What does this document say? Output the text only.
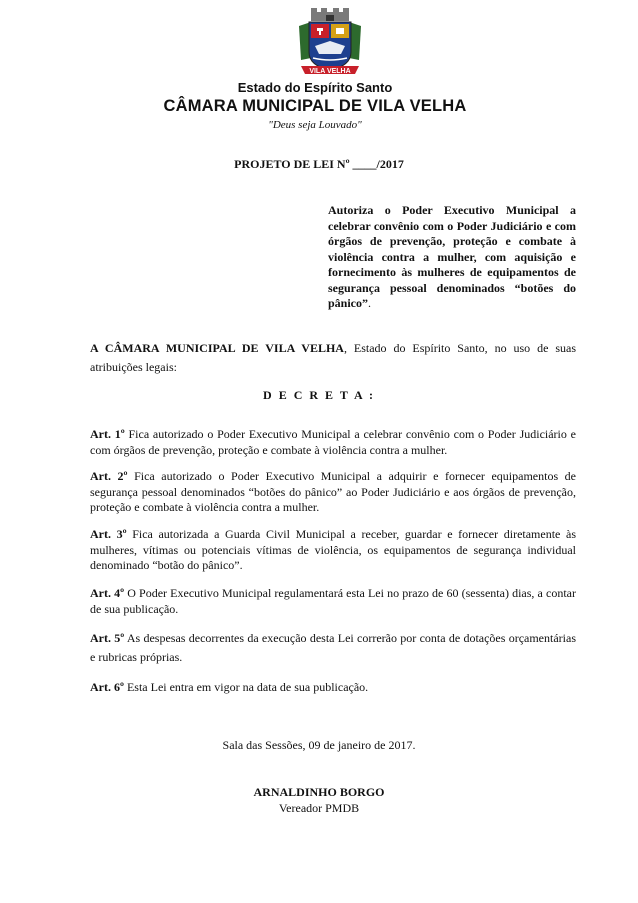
VILA VELHA
Estado do Espírito Santo
CÂMARA MUNICIPAL DE VILA VELHA
"Deus seja Louvado"
PROJETO DE LEI Nº ____/2017
Autoriza o Poder Executivo Municipal a celebrar convênio com o Poder Judiciário e com órgãos de prevenção, proteção e combate à violência contra a mulher, com aquisição e fornecimento às mulheres de equipamentos de segurança pessoal denominados “botões do pânico”.
A CÂMARA MUNICIPAL DE VILA VELHA, Estado do Espírito Santo, no uso de suas atribuições legais:
D E C R E T A :
Art. 1º Fica autorizado o Poder Executivo Municipal a celebrar convênio com o Poder Judiciário e com órgãos de prevenção, proteção e combate à violência contra a mulher.
Art. 2º Fica autorizado o Poder Executivo Municipal a adquirir e fornecer equipamentos de segurança pessoal denominados “botões do pânico” ao Poder Judiciário e aos órgãos de prevenção, proteção e combate à violência contra a mulher.
Art. 3º Fica autorizada a Guarda Civil Municipal a receber, guardar e fornecer diretamente às mulheres, vítimas ou potenciais vítimas de violência, os equipamentos de segurança individual denominado “botão do pânico”.
Art. 4º O Poder Executivo Municipal regulamentará esta Lei no prazo de 60 (sessenta) dias, a contar de sua publicação.
Art. 5º As despesas decorrentes da execução desta Lei correrão por conta de dotações orçamentárias e rubricas próprias.
Art. 6º Esta Lei entra em vigor na data de sua publicação.
Sala das Sessões, 09 de janeiro de 2017.
ARNALDINHO BORGO
Vereador PMDB
